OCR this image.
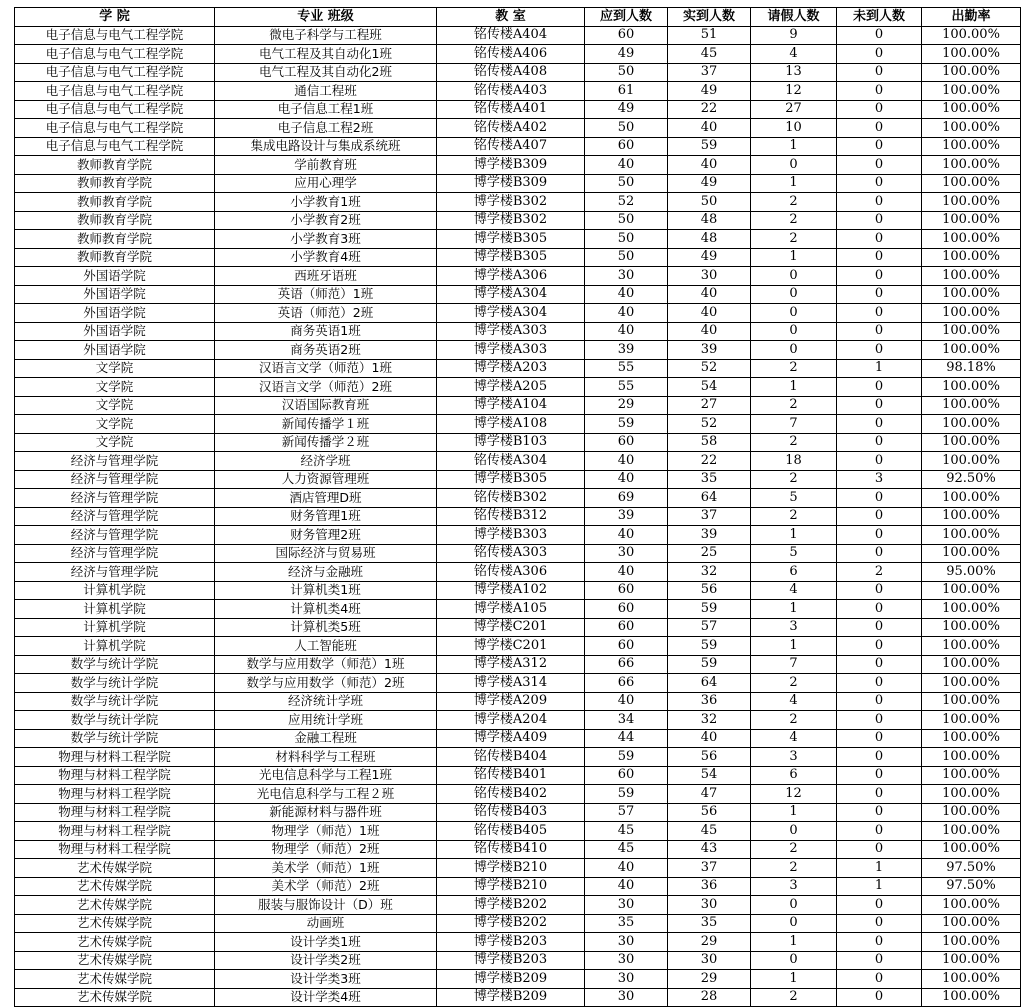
学 院	专业 班级	教 室	应到人数	实到人数	请假人数	未到人数	出勤率
电子信息与电气工程学院	微电子科学与工程班	铭传楼A404	60	51	9	0	100.00%
电子信息与电气工程学院	电气工程及其自动化1班	铭传楼A406	49	45	4	0	100.00%
电子信息与电气工程学院	电气工程及其自动化2班	铭传楼A408	50	37	13	0	100.00%
电子信息与电气工程学院	通信工程班	铭传楼A403	61	49	12	0	100.00%
电子信息与电气工程学院	电子信息工程1班	铭传楼A401	49	22	27	0	100.00%
电子信息与电气工程学院	电子信息工程2班	铭传楼A402	50	40	10	0	100.00%
电子信息与电气工程学院	集成电路设计与集成系统班	铭传楼A407	60	59	1	0	100.00%
教师教育学院	学前教育班	博学楼B309	40	40	0	0	100.00%
教师教育学院	应用心理学	博学楼B309	50	49	1	0	100.00%
教师教育学院	小学教育1班	博学楼B302	52	50	2	0	100.00%
教师教育学院	小学教育2班	博学楼B302	50	48	2	0	100.00%
教师教育学院	小学教育3班	博学楼B305	50	48	2	0	100.00%
教师教育学院	小学教育4班	博学楼B305	50	49	1	0	100.00%
外国语学院	西班牙语班	博学楼A306	30	30	0	0	100.00%
外国语学院	英语（师范）1班	博学楼A304	40	40	0	0	100.00%
外国语学院	英语（师范）2班	博学楼A304	40	40	0	0	100.00%
外国语学院	商务英语1班	博学楼A303	40	40	0	0	100.00%
外国语学院	商务英语2班	博学楼A303	39	39	0	0	100.00%
文学院	汉语言文学（师范）1班	博学楼A203	55	52	2	1	98.18%
文学院	汉语言文学（师范）2班	博学楼A205	55	54	1	0	100.00%
文学院	汉语国际教育班	博学楼A104	29	27	2	0	100.00%
文学院	新闻传播学１班	博学楼A108	59	52	7	0	100.00%
文学院	新闻传播学２班	博学楼B103	60	58	2	0	100.00%
经济与管理学院	经济学班	铭传楼A304	40	22	18	0	100.00%
经济与管理学院	人力资源管理班	博学楼B305	40	35	2	3	92.50%
经济与管理学院	酒店管理D班	铭传楼B302	69	64	5	0	100.00%
经济与管理学院	财务管理1班	铭传楼B312	39	37	2	0	100.00%
经济与管理学院	财务管理2班	博学楼B303	40	39	1	0	100.00%
经济与管理学院	国际经济与贸易班	铭传楼A303	30	25	5	0	100.00%
经济与管理学院	经济与金融班	铭传楼A306	40	32	6	2	95.00%
计算机学院	计算机类1班	博学楼A102	60	56	4	0	100.00%
计算机学院	计算机类4班	博学楼A105	60	59	1	0	100.00%
计算机学院	计算机类5班	博学楼C201	60	57	3	0	100.00%
计算机学院	人工智能班	博学楼C201	60	59	1	0	100.00%
数学与统计学院	数学与应用数学（师范）1班	博学楼A312	66	59	7	0	100.00%
数学与统计学院	数学与应用数学（师范）2班	博学楼A314	66	64	2	0	100.00%
数学与统计学院	经济统计学班	博学楼A209	40	36	4	0	100.00%
数学与统计学院	应用统计学班	博学楼A204	34	32	2	0	100.00%
数学与统计学院	金融工程班	博学楼A409	44	40	4	0	100.00%
物理与材料工程学院	材料科学与工程班	铭传楼B404	59	56	3	0	100.00%
物理与材料工程学院	光电信息科学与工程1班	铭传楼B401	60	54	6	0	100.00%
物理与材料工程学院	光电信息科学与工程２班	铭传楼B402	59	47	12	0	100.00%
物理与材料工程学院	新能源材料与器件班	铭传楼B403	57	56	1	0	100.00%
物理与材料工程学院	物理学（师范）1班	铭传楼B405	45	45	0	0	100.00%
物理与材料工程学院	物理学（师范）2班	铭传楼B410	45	43	2	0	100.00%
艺术传媒学院	美术学（师范）1班	博学楼B210	40	37	2	1	97.50%
艺术传媒学院	美术学（师范）2班	博学楼B210	40	36	3	1	97.50%
艺术传媒学院	服装与服饰设计（D）班	博学楼B202	30	30	0	0	100.00%
艺术传媒学院	动画班	博学楼B202	35	35	0	0	100.00%
艺术传媒学院	设计学类1班	博学楼B203	30	29	1	0	100.00%
艺术传媒学院	设计学类2班	博学楼B203	30	30	0	0	100.00%
艺术传媒学院	设计学类3班	博学楼B209	30	29	1	0	100.00%
艺术传媒学院	设计学类4班	博学楼B209	30	28	2	0	100.00%
